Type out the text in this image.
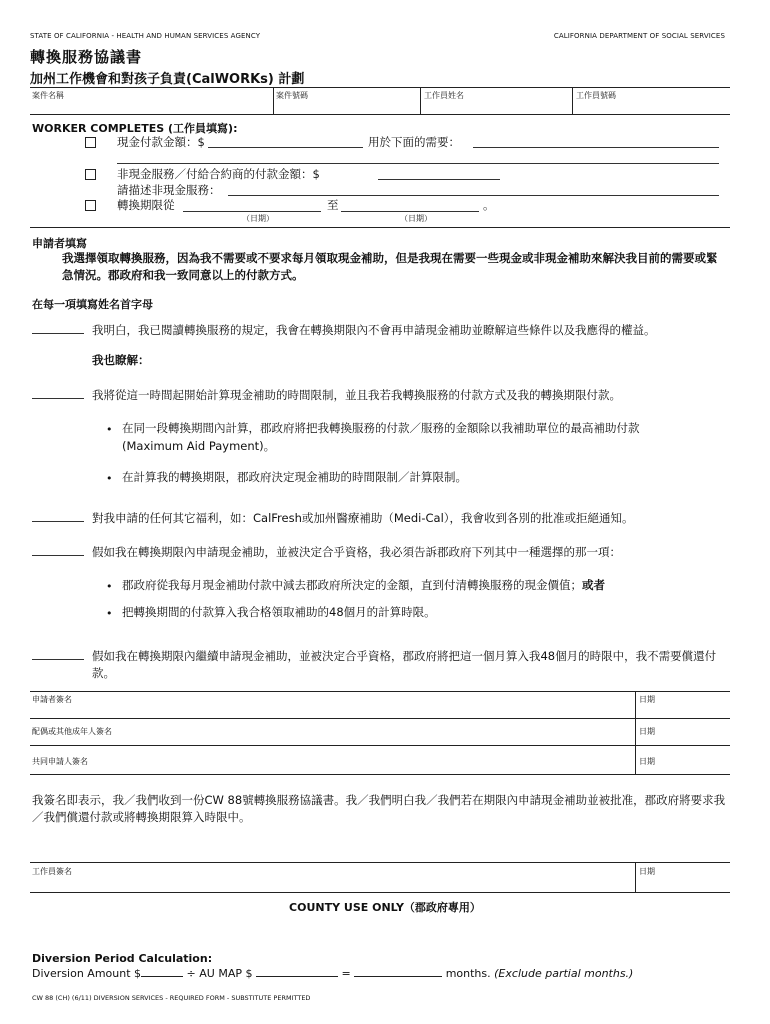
STATE OF CALIFORNIA - HEALTH AND HUMAN SERVICES AGENCY	CALIFORNIA DEPARTMENT OF SOCIAL SERVICES
轉換服務協議書
加州工作機會和對孩子負責(CalWORKs) 計劃
案件名稱	案件號碼	工作員姓名	工作員號碼
WORKER COMPLETES (工作員填寫):
現金付款金額：$	用於下面的需要：
非現金服務／付給合約商的付款金額：$
請描述非現金服務：
轉換期限從	至	。
（日期）	（日期）
申請者填寫
我選擇領取轉換服務，因為我不需要或不要求每月領取現金補助，但是我現在需要一些現金或非現金補助來解決我目前的需要或緊急情況。郡政府和我一致同意以上的付款方式。
在每一項填寫姓名首字母
我明白，我已閱讀轉換服務的規定，我會在轉換期限內不會再申請現金補助並瞭解這些條件以及我應得的權益。
我也瞭解：
我將從這一時間起開始計算現金補助的時間限制，並且我若我轉換服務的付款方式及我的轉換期限付款。
• 在同一段轉換期間內計算，郡政府將把我轉換服務的付款／服務的金額除以我補助單位的最高補助付款
(Maximum Aid Payment)。
• 在計算我的轉換期限，郡政府決定現金補助的時間限制／計算限制。
對我申請的任何其它福利，如：CalFresh或加州醫療補助（Medi-Cal），我會收到各別的批准或拒絕通知。
假如我在轉換期限內申請現金補助，並被決定合乎資格，我必須告訴郡政府下列其中一種選擇的那一項：
• 郡政府從我每月現金補助付款中減去郡政府所決定的金額，直到付清轉換服務的現金價值；或者
• 把轉換期間的付款算入我合格領取補助的48個月的計算時限。
假如我在轉換期限內繼續申請現金補助，並被決定合乎資格，郡政府將把這一個月算入我48個月的時限中，我不需要償還付款。
申請者簽名	日期
配偶或其他成年人簽名	日期
共同申請人簽名	日期
我簽名即表示，我／我們收到一份CW 88號轉換服務協議書。我／我們明白我／我們若在期限內申請現金補助並被批准，郡政府將要求我／我們償還付款或將轉換期限算入時限中。
工作員簽名	日期
COUNTY USE ONLY（郡政府專用）
Diversion Period Calculation:
Diversion Amount $	÷ AU MAP $	=	months. (Exclude partial months.)
CW 88 (CH) (6/11) DIVERSION SERVICES - REQUIRED FORM - SUBSTITUTE PERMITTED
